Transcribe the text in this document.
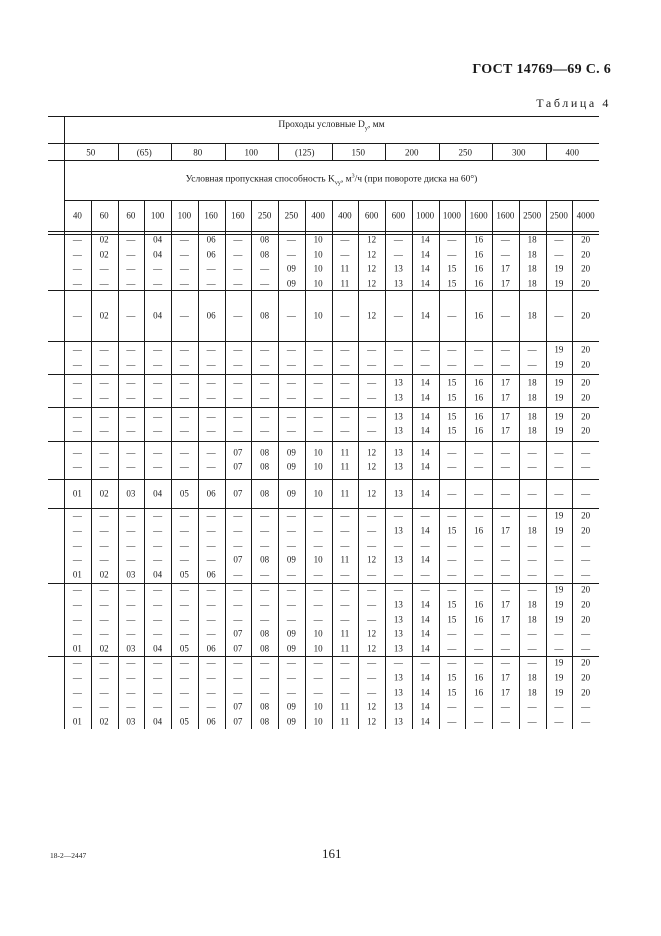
ГОСТ 14769—69 С. 6
Таблица 4
Проходы условные $D_у$, мм
Условная пропускная способность $K_{vy}$, $м^3/ч$ (при повороте диска на 60°)
50	(65)	80	100	(125)	150	200	250	300	400
40 60 60 100 100 160 160 250 250 400 400 600 600 1000 1000 1600 1600 2500 2500 4000
— 02 — 04 — 06 — 08 — 10 — 12 — 14 — 16 — 18 — 20
— 02 — 04 — 06 — 08 — 10 — 12 — 14 — 16 — 18 — 20
— — — — — — — — 09 10 11 12 13 14 15 16 17 18 19 20
— — — — — — — — 09 10 11 12 13 14 15 16 17 18 19 20
— 02 — 04 — 06 — 08 — 10 — 12 — 14 — 16 — 18 — 20
— — — — — — — — — — — — — — — — — — 19 20
— — — — — — — — — — — — — — — — — — 19 20
— — — — — — — — — — — — 13 14 15 16 17 18 19 20
— — — — — — — — — — — — 13 14 15 16 17 18 19 20
— — — — — — — — — — — — 13 14 15 16 17 18 19 20
— — — — — — — — — — — — 13 14 15 16 17 18 19 20
— — — — — — 07 08 09 10 11 12 13 14 — — — — — —
— — — — — — 07 08 09 10 11 12 13 14 — — — — — —
01 02 03 04 05 06 07 08 09 10 11 12 13 14 — — — — — —
— — — — — — — — — — — — — — — — — — 19 20
— — — — — — — — — — — — 13 14 15 16 17 18 19 20
— — — — — — — — — — — — — — — — — — — —
— — — — — — 07 08 09 10 11 12 13 14 — — — — — —
01 02 03 04 05 06 — — — — — — — — — — — — — —
— — — — — — — — — — — — — — — — — — 19 20
— — — — — — — — — — — — 13 14 15 16 17 18 19 20
— — — — — — — — — — — — 13 14 15 16 17 18 19 20
— — — — — — 07 08 09 10 11 12 13 14 — — — — — —
01 02 03 04 05 06 07 08 09 10 11 12 13 14 — — — — — —
— — — — — — — — — — — — — — — — — — 19 20
— — — — — — — — — — — — 13 14 15 16 17 18 19 20
— — — — — — — — — — — — 13 14 15 16 17 18 19 20
— — — — — — 07 08 09 10 11 12 13 14 — — — — — —
01 02 03 04 05 06 07 08 09 10 11 12 13 14 — — — — — —
18-2—2447	161
